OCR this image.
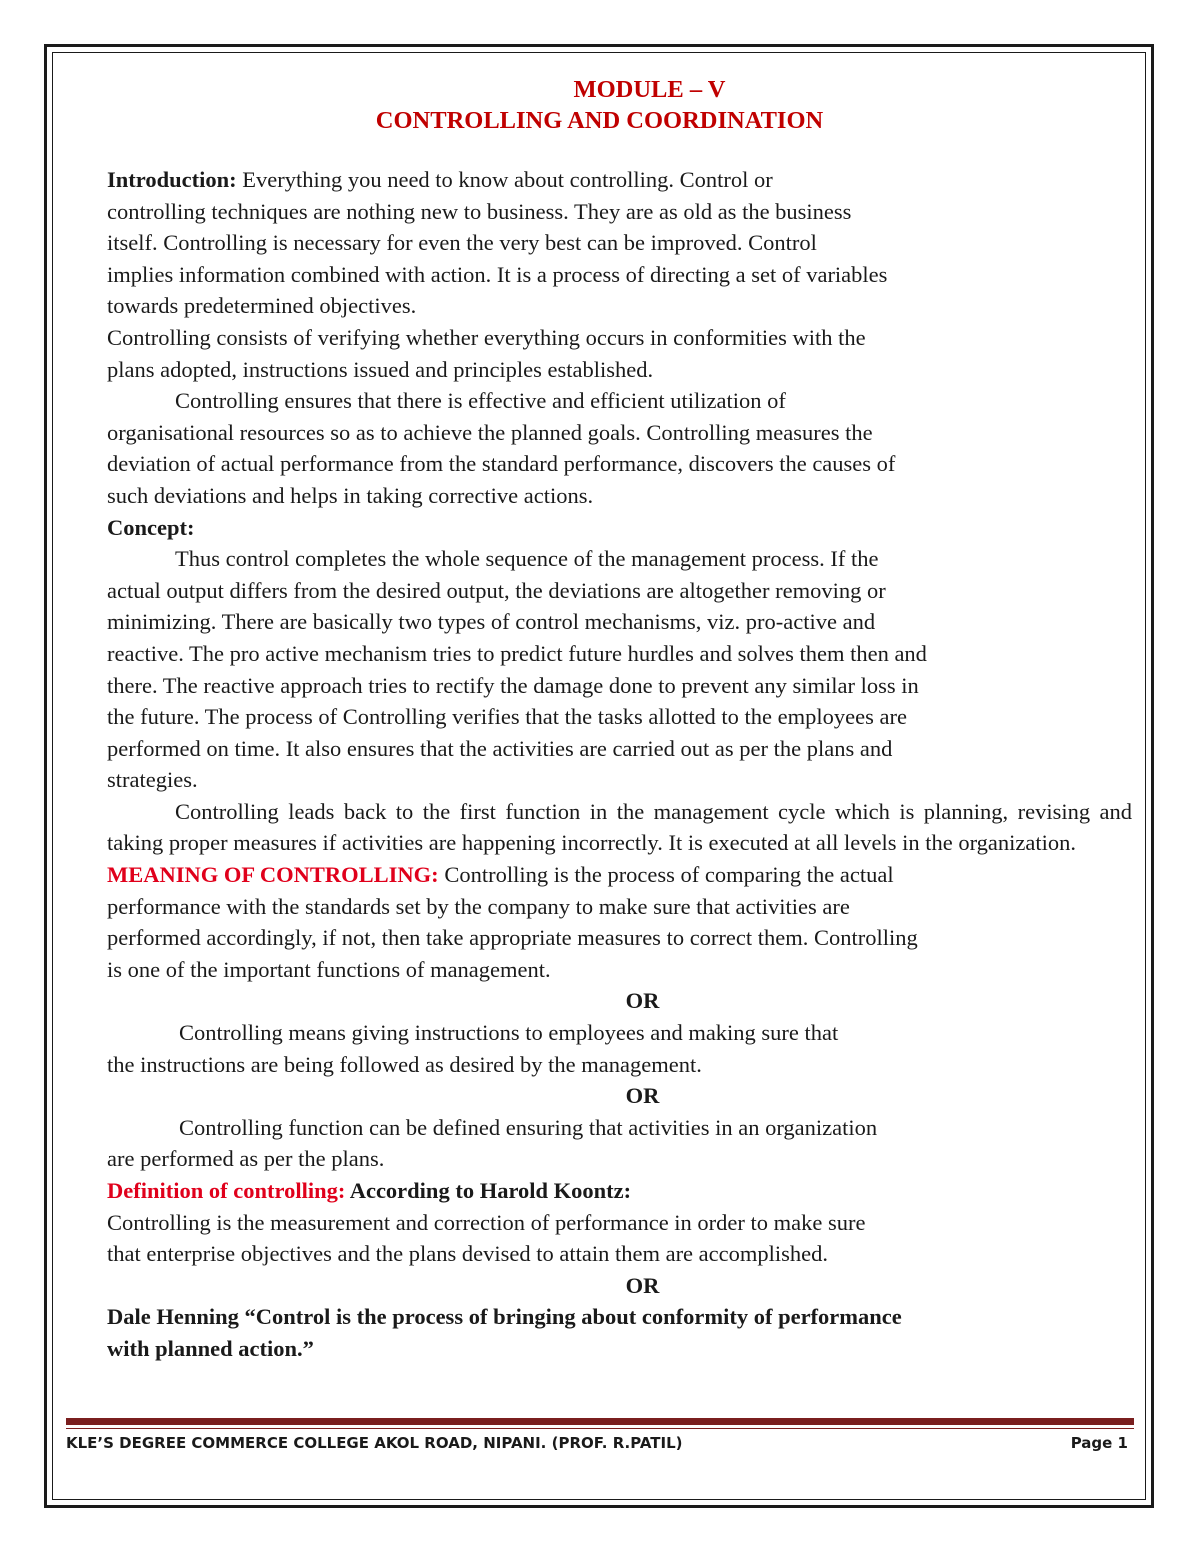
MODULE – V
CONTROLLING AND COORDINATION

Introduction: Everything you need to know about controlling. Control or

controlling techniques are nothing new to business. They are as old as the business

itself. Controlling is necessary for even the very best can be improved. Control

implies information combined with action. It is a process of directing a set of variables

towards predetermined objectives.

Controlling consists of verifying whether everything occurs in conformities with the

plans adopted, instructions issued and principles established.

Controlling ensures that there is effective and efficient utilization of

organisational resources so as to achieve the planned goals. Controlling measures the

deviation of actual performance from the standard performance, discovers the causes of

such deviations and helps in taking corrective actions.

Concept:

Thus control completes the whole sequence of the management process. If the

actual output differs from the desired output, the deviations are altogether removing or

minimizing. There are basically two types of control mechanisms, viz. pro-active and

reactive. The pro active mechanism tries to predict future hurdles and solves them then and

there. The reactive approach tries to rectify the damage done to prevent any similar loss in

the future. The process of Controlling verifies that the tasks allotted to the employees are

performed on time. It also ensures that the activities are carried out as per the plans and

strategies.

Controlling leads back to the first function in the management cycle which is planning, revising and taking proper measures if activities are happening incorrectly. It is executed at all levels in the organization.

MEANING OF CONTROLLING: Controlling is the process of comparing the actual

performance with the standards set by the company to make sure that activities are

performed accordingly, if not, then take appropriate measures to correct them. Controlling

is one of the important functions of management.

OR

Controlling means giving instructions to employees and making sure that

the instructions are being followed as desired by the management.

OR

Controlling function can be defined ensuring that activities in an organization

are performed as per the plans.

Definition of controlling: According to Harold Koontz:

Controlling is the measurement and correction of performance in order to make sure

that enterprise objectives and the plans devised to attain them are accomplished.

OR

Dale Henning “Control is the process of bringing about conformity of performance

with planned action.”

KLE’S DEGREE COMMERCE COLLEGE AKOL ROAD, NIPANI. (PROF. R.PATIL)	Page 1
